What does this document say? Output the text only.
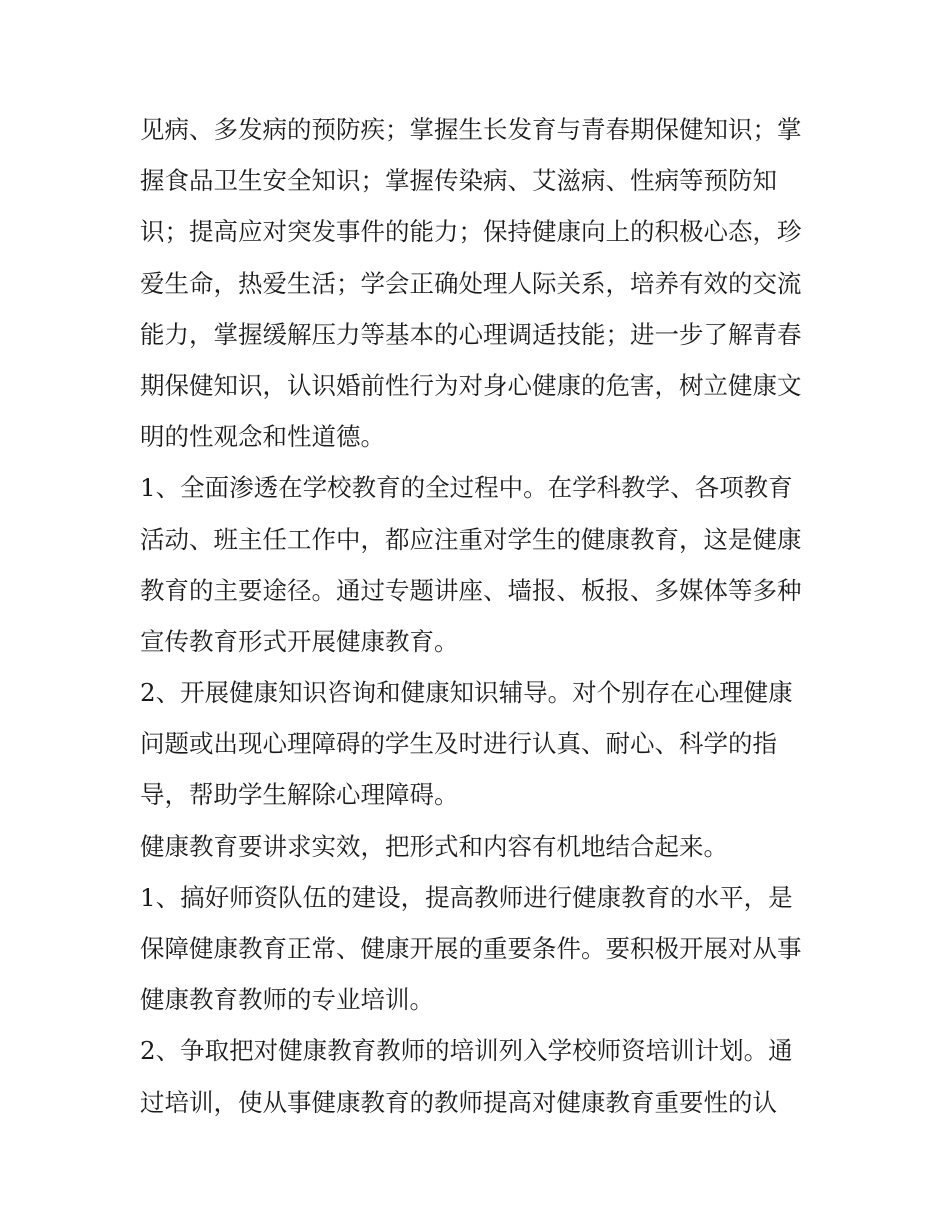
见病、多发病的预防疾；掌握生长发育与青春期保健知识；掌
握食品卫生安全知识；掌握传染病、艾滋病、性病等预防知
识；提高应对突发事件的能力；保持健康向上的积极心态，珍
爱生命，热爱生活；学会正确处理人际关系，培养有效的交流
能力，掌握缓解压力等基本的心理调适技能；进一步了解青春
期保健知识，认识婚前性行为对身心健康的危害，树立健康文
明的性观念和性道德。
1、全面渗透在学校教育的全过程中。在学科教学、各项教育
活动、班主任工作中，都应注重对学生的健康教育，这是健康
教育的主要途径。通过专题讲座、墙报、板报、多媒体等多种
宣传教育形式开展健康教育。
2、开展健康知识咨询和健康知识辅导。对个别存在心理健康
问题或出现心理障碍的学生及时进行认真、耐心、科学的指
导，帮助学生解除心理障碍。
健康教育要讲求实效，把形式和内容有机地结合起来。
1、搞好师资队伍的建设，提高教师进行健康教育的水平，是
保障健康教育正常、健康开展的重要条件。要积极开展对从事
健康教育教师的专业培训。
2、争取把对健康教育教师的培训列入学校师资培训计划。通
过培训，使从事健康教育的教师提高对健康教育重要性的认
